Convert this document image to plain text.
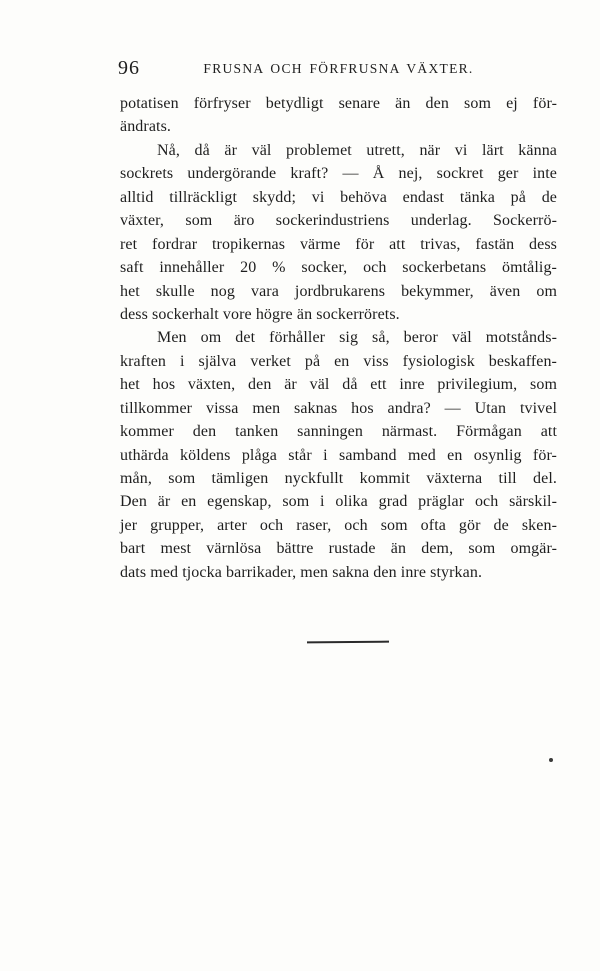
96	FRUSNA OCH FÖRFRUSNA VÄXTER.
potatisen förfryser betydligt senare än den som ej för-
ändrats.
Nå, då är väl problemet utrett, när vi lärt känna
sockrets undergörande kraft? — Å nej, sockret ger inte
alltid tillräckligt skydd; vi behöva endast tänka på de
växter, som äro sockerindustriens underlag. Sockerrö-
ret fordrar tropikernas värme för att trivas, fastän dess
saft innehåller 20 % socker, och sockerbetans ömtålig-
het skulle nog vara jordbrukarens bekymmer, även om
dess sockerhalt vore högre än sockerrörets.
Men om det förhåller sig så, beror väl motstånds-
kraften i själva verket på en viss fysiologisk beskaffen-
het hos växten, den är väl då ett inre privilegium, som
tillkommer vissa men saknas hos andra? — Utan tvivel
kommer den tanken sanningen närmast. Förmågan att
uthärda köldens plåga står i samband med en osynlig för-
mån, som tämligen nyckfullt kommit växterna till del.
Den är en egenskap, som i olika grad präglar och särskil-
jer grupper, arter och raser, och som ofta gör de sken-
bart mest värnlösa bättre rustade än dem, som omgär-
dats med tjocka barrikader, men sakna den inre styrkan.
